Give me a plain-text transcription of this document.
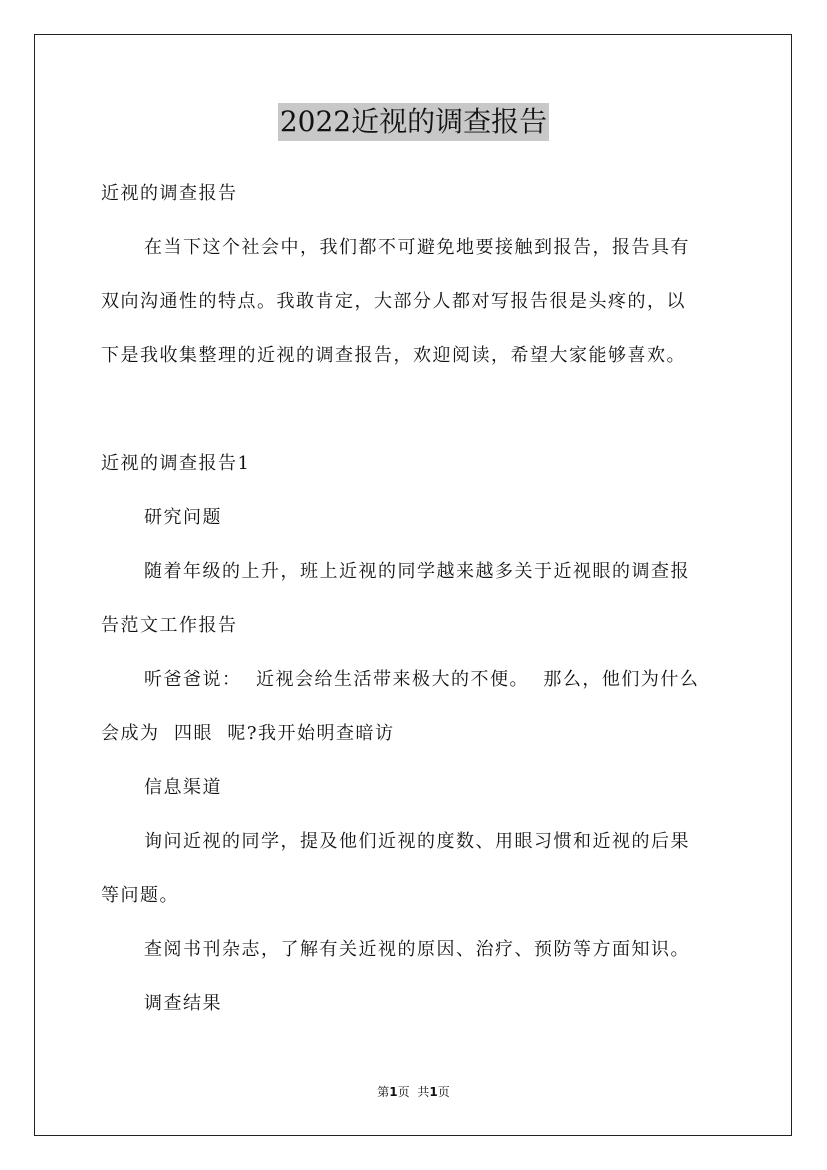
2022近视的调查报告
近视的调查报告
在当下这个社会中，我们都不可避免地要接触到报告，报告具有
双向沟通性的特点。我敢肯定，大部分人都对写报告很是头疼的，以
下是我收集整理的近视的调查报告，欢迎阅读，希望大家能够喜欢。
近视的调查报告1
研究问题
随着年级的上升，班上近视的同学越来越多关于近视眼的调查报
告范文工作报告
听爸爸说：  近视会给生活带来极大的不便。  那么，他们为什么
会成为  四眼  呢?我开始明查暗访
信息渠道
询问近视的同学，提及他们近视的度数、用眼习惯和近视的后果
等问题。
查阅书刊杂志，了解有关近视的原因、治疗、预防等方面知识。
调查结果
第1页 共1页
